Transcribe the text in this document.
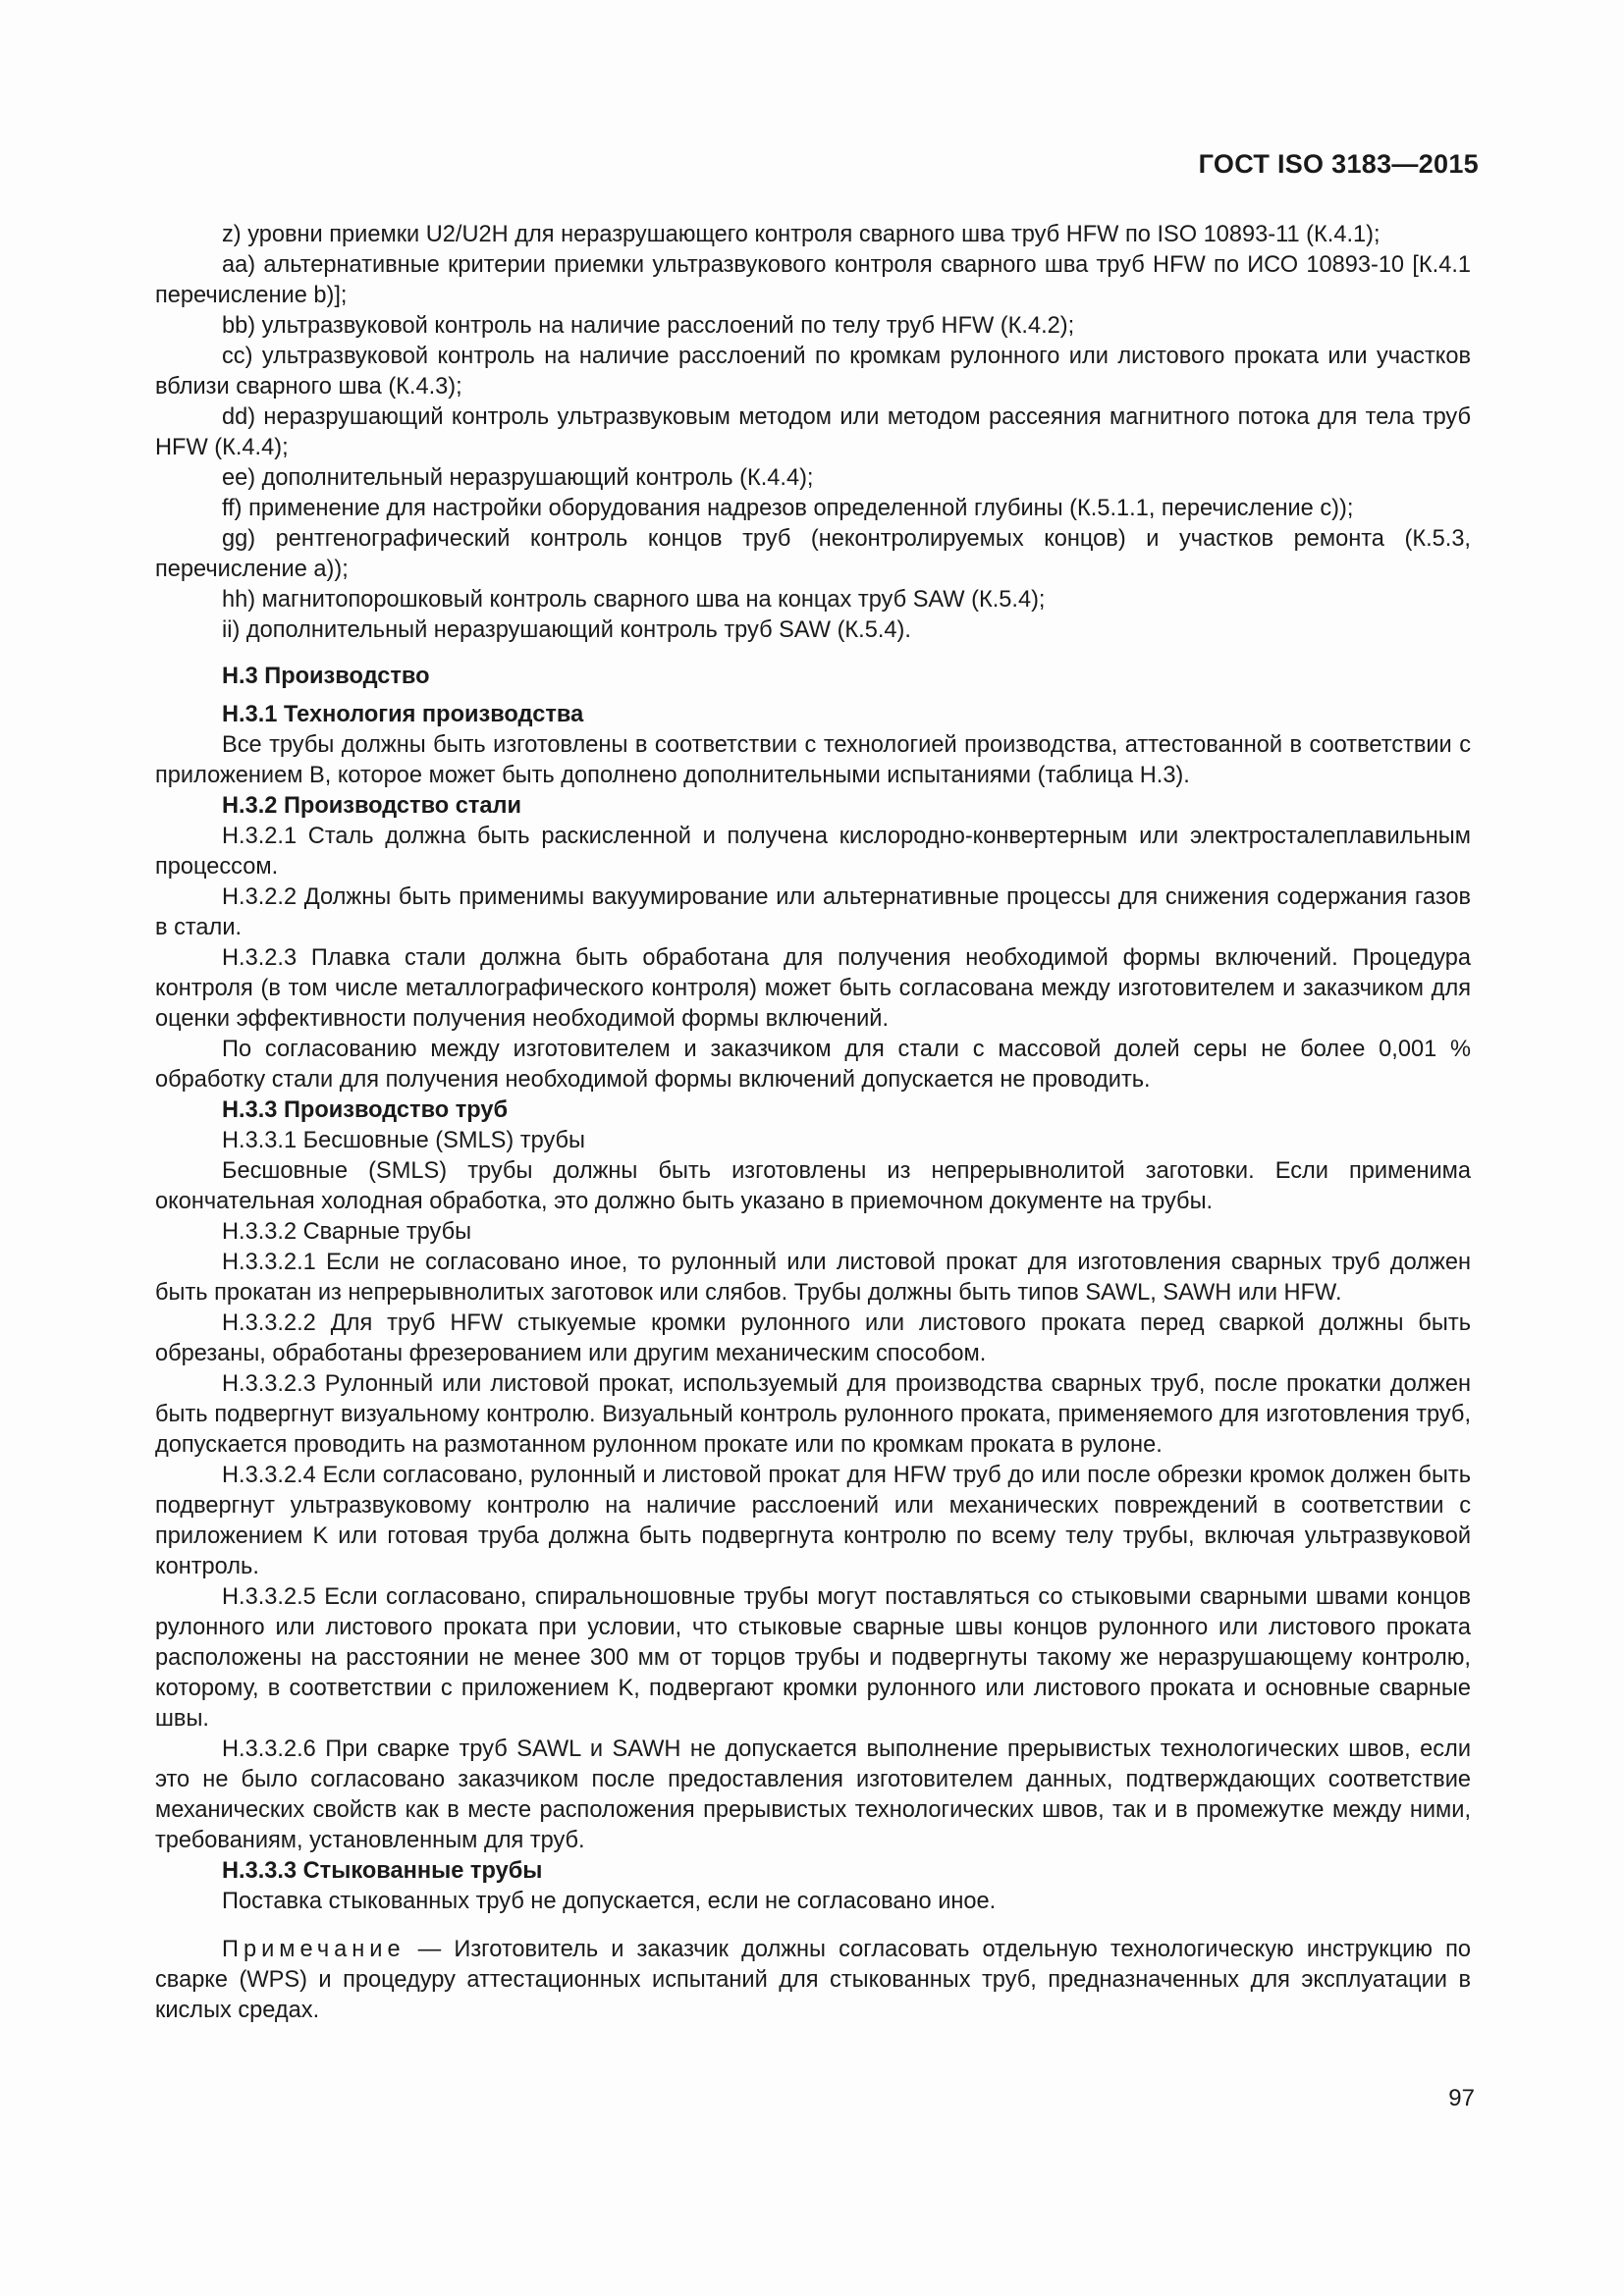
ГОСТ ISO 3183—2015

z) уровни приемки U2/U2H для неразрушающего контроля сварного шва труб HFW по ISO 10893-11 (К.4.1);

aa) альтернативные критерии приемки ультразвукового контроля сварного шва труб HFW по ИСО 10893-10 [К.4.1 перечисление b)];

bb) ультразвуковой контроль на наличие расслоений по телу труб HFW (К.4.2);

cc) ультразвуковой контроль на наличие расслоений по кромкам рулонного или листового проката или участков вблизи сварного шва (К.4.3);

dd) неразрушающий контроль ультразвуковым методом или методом рассеяния магнитного потока для тела труб HFW (К.4.4);

ee) дополнительный неразрушающий контроль (К.4.4);

ff) применение для настройки оборудования надрезов определенной глубины (К.5.1.1, перечисление с));

gg) рентгенографический контроль концов труб (неконтролируемых концов) и участков ремонта (К.5.3, перечисление а));

hh) магнитопорошковый контроль сварного шва на концах труб SAW (К.5.4);

ii) дополнительный неразрушающий контроль труб SAW (К.5.4).

Н.3 Производство

Н.3.1 Технология производства

Все трубы должны быть изготовлены в соответствии с технологией производства, аттестованной в соответствии с приложением В, которое может быть дополнено дополнительными испытаниями (таблица Н.3).

Н.3.2 Производство стали

Н.3.2.1 Сталь должна быть раскисленной и получена кислородно-конвертерным или электросталеплавильным процессом.

Н.3.2.2 Должны быть применимы вакуумирование или альтернативные процессы для снижения содержания газов в стали.

Н.3.2.3 Плавка стали должна быть обработана для получения необходимой формы включений. Процедура контроля (в том числе металлографического контроля) может быть согласована между изготовителем и заказчиком для оценки эффективности получения необходимой формы включений.

По согласованию между изготовителем и заказчиком для стали с массовой долей серы не более 0,001 % обработку стали для получения необходимой формы включений допускается не проводить.

Н.3.3 Производство труб

Н.3.3.1 Бесшовные (SMLS) трубы

Бесшовные (SMLS) трубы должны быть изготовлены из непрерывнолитой заготовки. Если применима окончательная холодная обработка, это должно быть указано в приемочном документе на трубы.

Н.3.3.2 Сварные трубы

Н.3.3.2.1 Если не согласовано иное, то рулонный или листовой прокат для изготовления сварных труб должен быть прокатан из непрерывнолитых заготовок или слябов. Трубы должны быть типов SAWL, SAWH или HFW.

Н.3.3.2.2 Для труб HFW стыкуемые кромки рулонного или листового проката перед сваркой должны быть обрезаны, обработаны фрезерованием или другим механическим способом.

Н.3.3.2.3 Рулонный или листовой прокат, используемый для производства сварных труб, после прокатки должен быть подвергнут визуальному контролю. Визуальный контроль рулонного проката, применяемого для изготовления труб, допускается проводить на размотанном рулонном прокате или по кромкам проката в рулоне.

Н.3.3.2.4 Если согласовано, рулонный и листовой прокат для HFW труб до или после обрезки кромок должен быть подвергнут ультразвуковому контролю на наличие расслоений или механических повреждений в соответствии с приложением K или готовая труба должна быть подвергнута контролю по всему телу трубы, включая ультразвуковой контроль.

Н.3.3.2.5 Если согласовано, спиральношовные трубы могут поставляться со стыковыми сварными швами концов рулонного или листового проката при условии, что стыковые сварные швы концов рулонного или листового проката расположены на расстоянии не менее 300 мм от торцов трубы и подвергнуты такому же неразрушающему контролю, которому, в соответствии с приложением K, подвергают кромки рулонного или листового проката и основные сварные швы.

Н.3.3.2.6 При сварке труб SAWL и SAWH не допускается выполнение прерывистых технологических швов, если это не было согласовано заказчиком после предоставления изготовителем данных, подтверждающих соответствие механических свойств как в месте расположения прерывистых технологических швов, так и в промежутке между ними, требованиям, установленным для труб.

Н.3.3.3 Стыкованные трубы

Поставка стыкованных труб не допускается, если не согласовано иное.

Примечание — Изготовитель и заказчик должны согласовать отдельную технологическую инструкцию по сварке (WPS) и процедуру аттестационных испытаний для стыкованных труб, предназначенных для эксплуатации в кислых средах.

97
